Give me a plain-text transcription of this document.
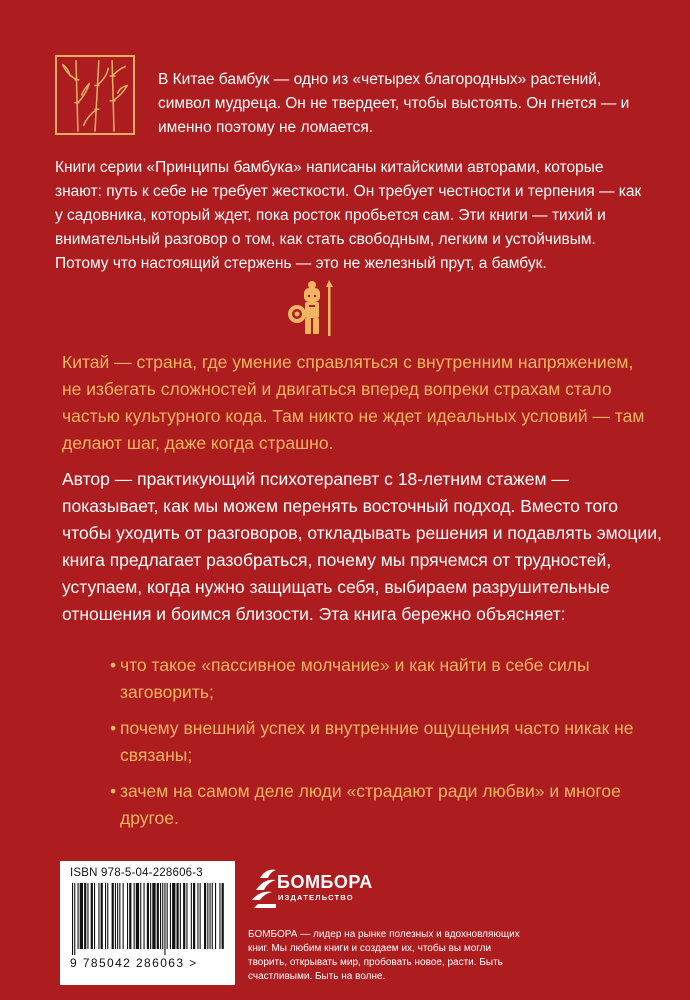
В Китае бамбук — одно из «четырех благородных» растений, символ мудреца. Он не твердеет, чтобы выстоять. Он гнется — и именно поэтому не ломается.
Книги серии «Принципы бамбука» написаны китайскими авторами, которые знают: путь к себе не требует жесткости. Он требует честности и терпения — как у садовника, который ждет, пока росток пробьется сам. Эти книги — тихий и внимательный разговор о том, как стать свободным, легким и устойчивым. Потому что настоящий стержень — это не железный прут, а бамбук.
Китай — страна, где умение справляться с внутренним напряжением, не избегать сложностей и двигаться вперед вопреки страхам стало частью культурного кода. Там никто не ждет идеальных условий — там делают шаг, даже когда страшно.
Автор — практикующий психотерапевт с 18-летним стажем — показывает, как мы можем перенять восточный подход. Вместо того чтобы уходить от разговоров, откладывать решения и подавлять эмоции, книга предлагает разобраться, почему мы прячемся от трудностей, уступаем, когда нужно защищать себя, выбираем разрушительные отношения и боимся близости. Эта книга бережно объясняет:
• что такое «пассивное молчание» и как найти в себе силы заговорить;
• почему внешний успех и внутренние ощущения часто никак не связаны;
• зачем на самом деле люди «страдают ради любви» и многое другое.
ISBN 978-5-04-228606-3
9 785042 286063 >
БОМБОРА
ИЗДАТЕЛЬСТВО
БОМБОРА — лидер на рынке полезных и вдохновляющих книг. Мы любим книги и создаем их, чтобы вы могли творить, открывать мир, пробовать новое, расти. Быть счастливыми. Быть на волне.
